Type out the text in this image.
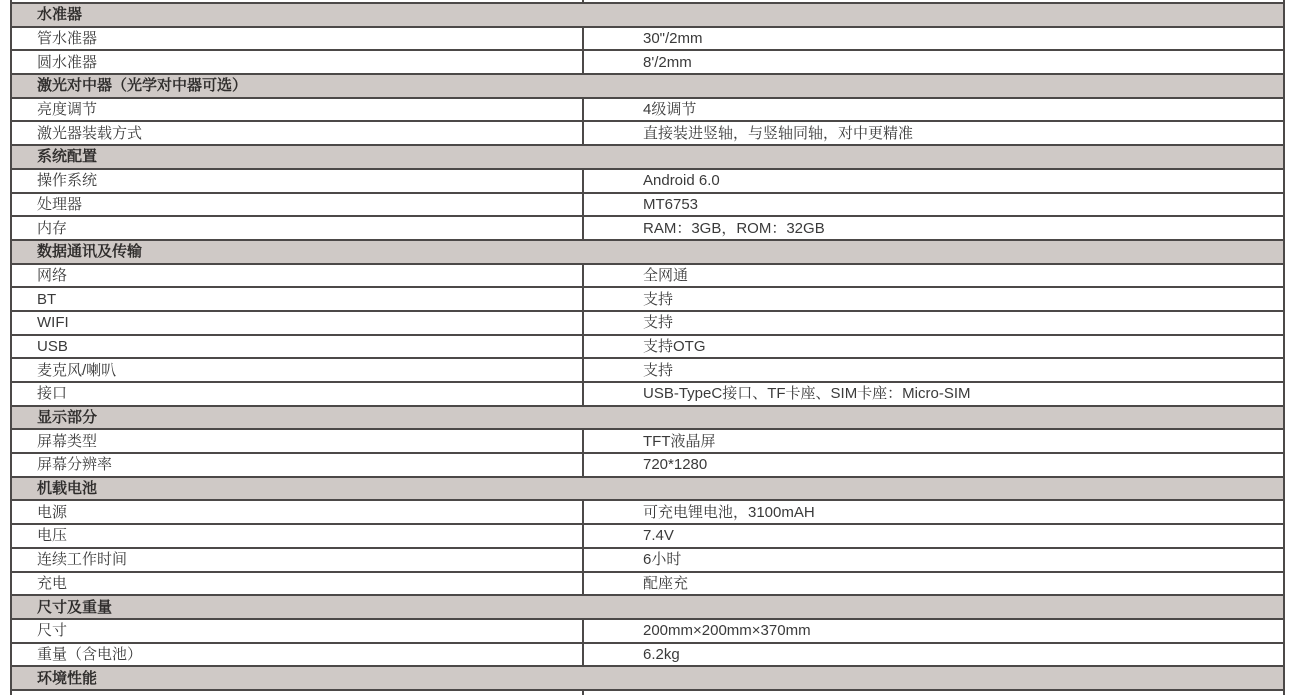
水准器
管水准器	30"/2mm
圆水准器	8'/2mm
激光对中器（光学对中器可选）
亮度调节	4级调节
激光器装载方式	直接装进竖轴，与竖轴同轴，对中更精准
系统配置
操作系统	Android 6.0
处理器	MT6753
内存	RAM：3GB，ROM：32GB
数据通讯及传输
网络	全网通
BT	支持
WIFI	支持
USB	支持OTG
麦克风/喇叭	支持
接口	USB-TypeC接口、TF卡座、SIM卡座：Micro-SIM
显示部分
屏幕类型	TFT液晶屏
屏幕分辨率	720*1280
机载电池
电源	可充电锂电池，3100mAH
电压	7.4V
连续工作时间	6小时
充电	配座充
尺寸及重量
尺寸	200mm×200mm×370mm
重量（含电池）	6.2kg
环境性能
